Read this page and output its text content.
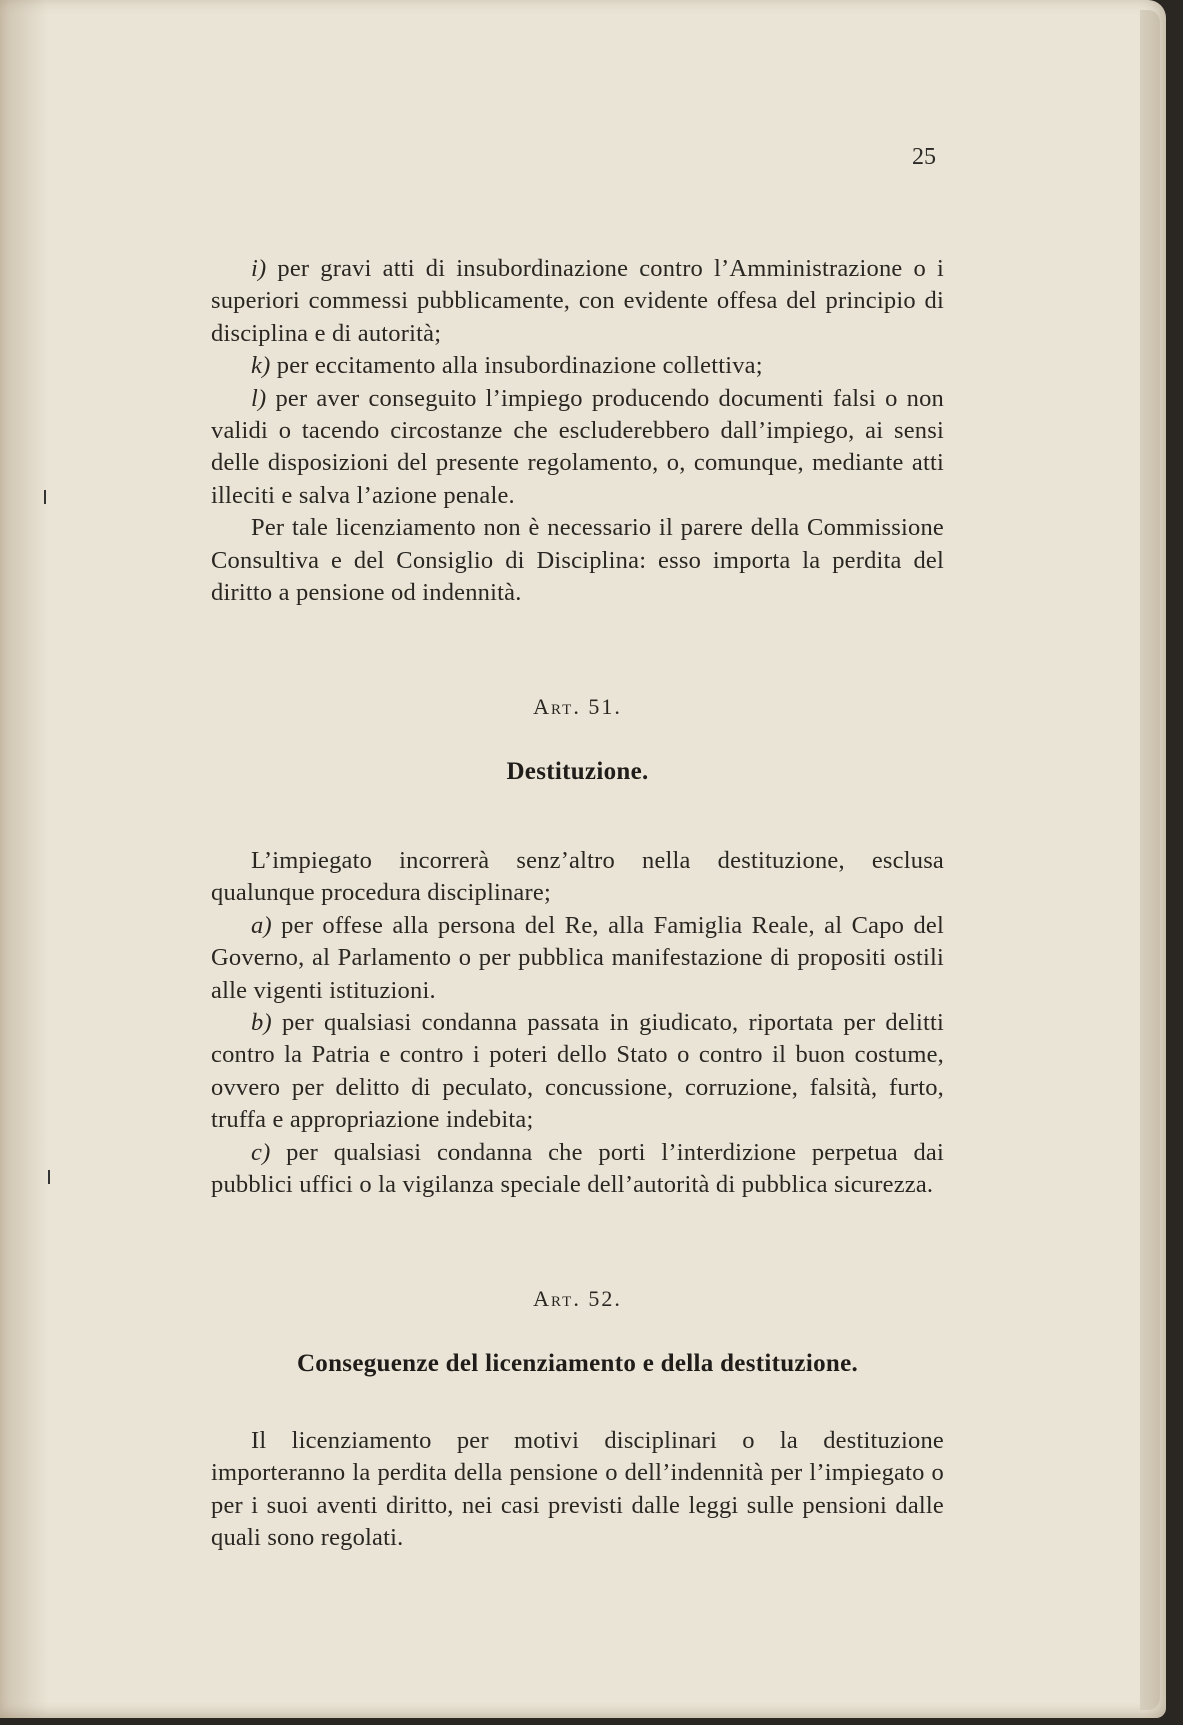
25

i) per gravi atti di insubordinazione contro l’Amministrazione o i superiori commessi pubblicamente, con evidente offesa del principio di disciplina e di autorità;

k) per eccitamento alla insubordinazione collettiva;

l) per aver conseguito l’impiego producendo documenti falsi o non validi o tacendo circostanze che escluderebbero dall’impiego, ai sensi delle disposizioni del presente regolamento, o, comunque, mediante atti illeciti e salva l’azione penale.

Per tale licenziamento non è necessario il parere della Commissione Consultiva e del Consiglio di Disciplina: esso importa la perdita del diritto a pensione od indennità.

Art. 51.
Destituzione.

L’impiegato incorrerà senz’altro nella destituzione, esclusa qualunque procedura disciplinare;

a) per offese alla persona del Re, alla Famiglia Reale, al Capo del Governo, al Parlamento o per pubblica manifestazione di propositi ostili alle vigenti istituzioni.

b) per qualsiasi condanna passata in giudicato, riportata per delitti contro la Patria e contro i poteri dello Stato o contro il buon costume, ovvero per delitto di peculato, concussione, corruzione, falsità, furto, truffa e appropriazione indebita;

c) per qualsiasi condanna che porti l’interdizione perpetua dai pubblici uffici o la vigilanza speciale dell’autorità di pubblica sicurezza.

Art. 52.
Conseguenze del licenziamento e della destituzione.

Il licenziamento per motivi disciplinari o la destituzione importeranno la perdita della pensione o dell’indennità per l’impiegato o per i suoi aventi diritto, nei casi previsti dalle leggi sulle pensioni dalle quali sono regolati.
